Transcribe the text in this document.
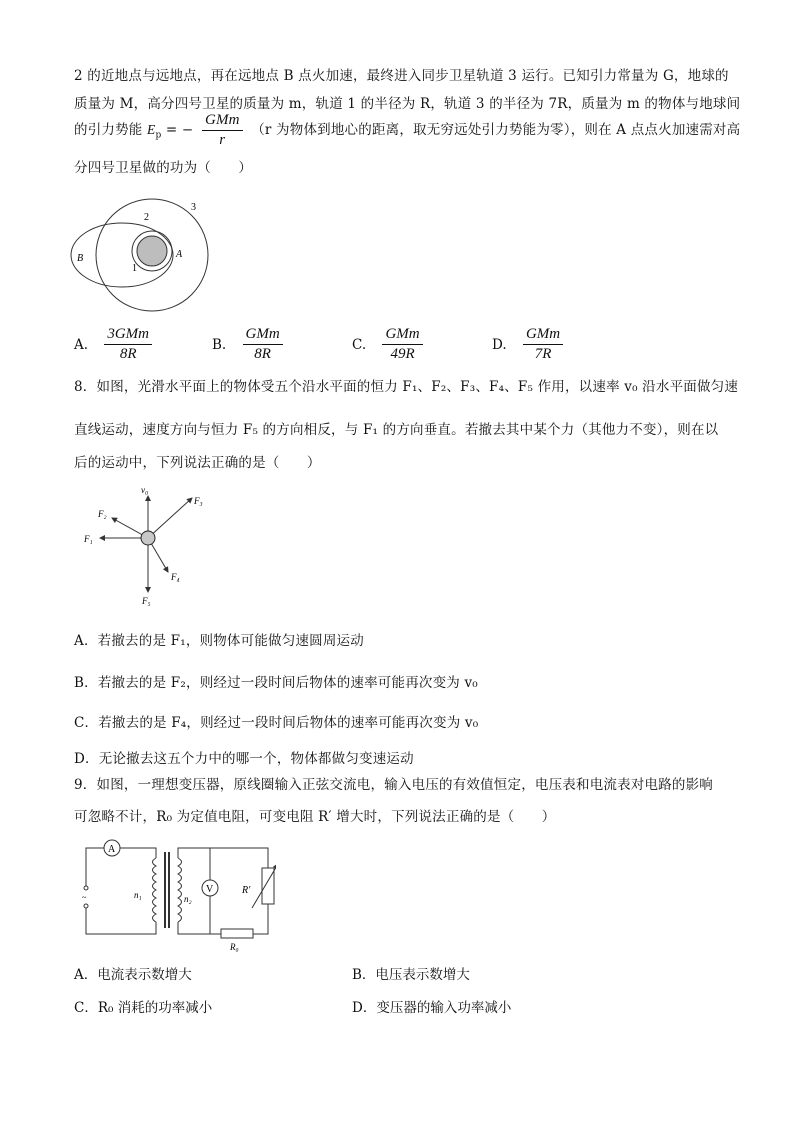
2 的近地点与远地点，再在远地点 B 点火加速，最终进入同步卫星轨道 3 运行。已知引力常量为 G，地球的
质量为 M，高分四号卫星的质量为 m，轨道 1 的半径为 R，轨道 3 的半径为 7R，质量为 m 的物体与地球间
的引力势能 $E_p$ = − $\frac{\text{GMm}}{r} (r$ 为物体到地心的距离，取无穷远处引力势能为零），则在 A 点点火加速需对高
分四号卫星做的功为（　　）
2
3
1
A
B
A. $\frac{\text{3GMm}}{8R}$	B. $\frac{\text{GMm}}{8R}$	C. $\frac{\text{GMm}}{49R}$	D. $\frac{\text{GMm}}{7R}$
8．如图，光滑水平面上的物体受五个沿水平面的恒力 F₁、F₂、F₃、F₄、F₅ 作用，以速率 v₀ 沿水平面做匀速
直线运动，速度方向与恒力 F₅ 的方向相反，与 F₁ 的方向垂直。若撤去其中某个力（其他力不变），则在以
后的运动中，下列说法正确的是（　　）
v₀
F₃
F₂
F₁
F₄
F₅
A．若撤去的是 F₁，则物体可能做匀速圆周运动
B．若撤去的是 F₂，则经过一段时间后物体的速率可能再次变为 v₀
C．若撤去的是 F₄，则经过一段时间后物体的速率可能再次变为 v₀
D．无论撤去这五个力中的哪一个，物体都做匀变速运动
9．如图，一理想变压器，原线圈输入正弦交流电，输入电压的有效值恒定，电压表和电流表对电路的影响
可忽略不计，R₀ 为定值电阻，可变电阻 R′ 增大时，下列说法正确的是（　　）
A
~	n₁	n₂
V	R′
R₀
A．电流表示数增大	B．电压表示数增大
C．R₀ 消耗的功率减小	D．变压器的输入功率减小
